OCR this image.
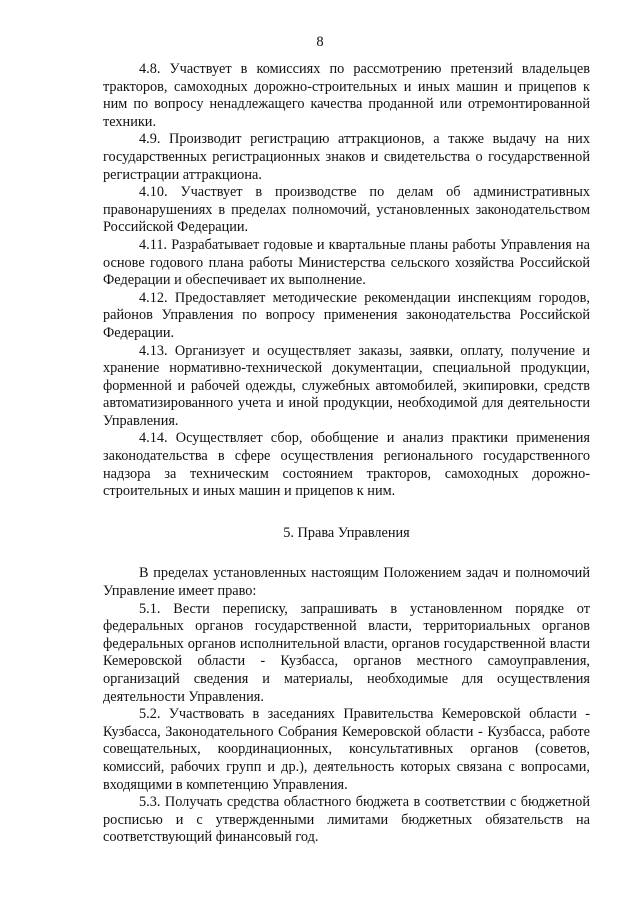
8

4.8. Участвует в комиссиях по рассмотрению претензий владельцев тракторов, самоходных дорожно-строительных и иных машин и прицепов к ним по вопросу ненадлежащего качества проданной или отремонтированной техники.

4.9. Производит регистрацию аттракционов, а также выдачу на них государственных регистрационных знаков и свидетельства о государственной регистрации аттракциона.

4.10. Участвует в производстве по делам об административных правонарушениях в пределах полномочий, установленных законодательством Российской Федерации.

4.11. Разрабатывает годовые и квартальные планы работы Управления на основе годового плана работы Министерства сельского хозяйства Российской Федерации и обеспечивает их выполнение.

4.12. Предоставляет методические рекомендации инспекциям городов, районов Управления по вопросу применения законодательства Российской Федерации.

4.13. Организует и осуществляет заказы, заявки, оплату, получение и хранение нормативно-технической документации, специальной продукции, форменной и рабочей одежды, служебных автомобилей, экипировки, средств автоматизированного учета и иной продукции, необходимой для деятельности Управления.

4.14. Осуществляет сбор, обобщение и анализ практики применения законодательства в сфере осуществления регионального государственного надзора за техническим состоянием тракторов, самоходных дорожно-строительных и иных машин и прицепов к ним.

5. Права Управления

В пределах установленных настоящим Положением задач и полномочий Управление имеет право:

5.1. Вести переписку, запрашивать в установленном порядке от федеральных органов государственной власти, территориальных органов федеральных органов исполнительной власти, органов государственной власти Кемеровской области - Кузбасса, органов местного самоуправления, организаций сведения и материалы, необходимые для осуществления деятельности Управления.

5.2. Участвовать в заседаниях Правительства Кемеровской области - Кузбасса, Законодательного Собрания Кемеровской области - Кузбасса, работе совещательных, координационных, консультативных органов (советов, комиссий, рабочих групп и др.), деятельность которых связана с вопросами, входящими в компетенцию Управления.

5.3. Получать средства областного бюджета в соответствии с бюджетной росписью и с утвержденными лимитами бюджетных обязательств на соответствующий финансовый год.
